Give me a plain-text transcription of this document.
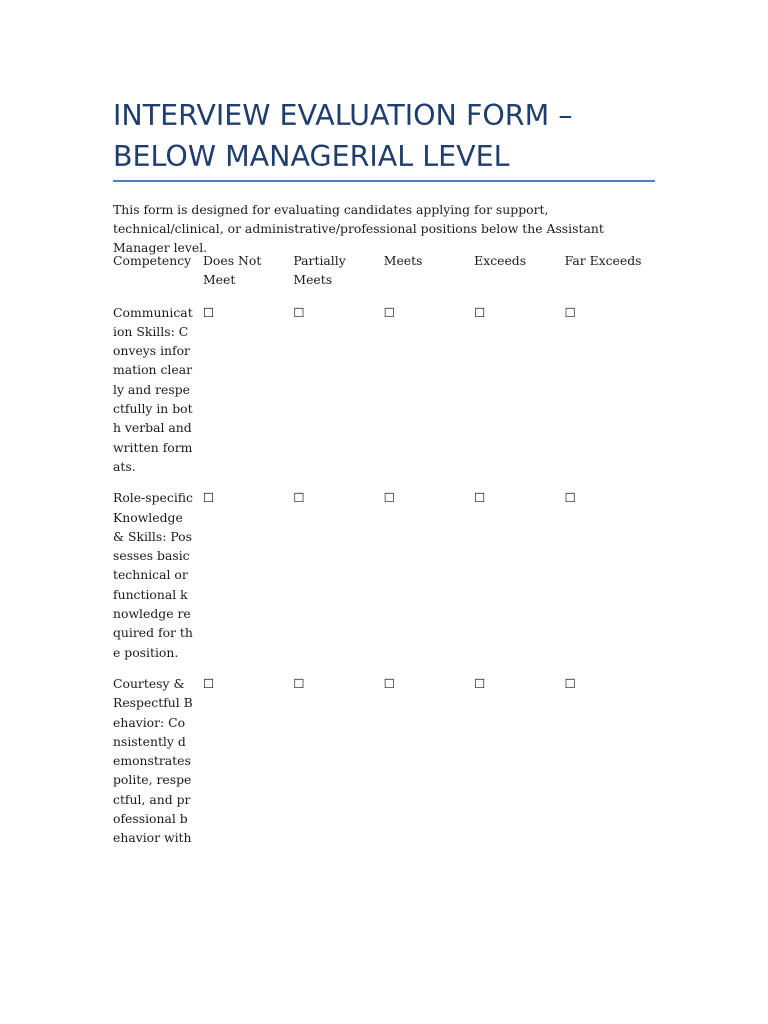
INTERVIEW EVALUATION FORM – BELOW MANAGERIAL LEVEL

This form is designed for evaluating candidates applying for support, technical/clinical, or administrative/professional positions below the Assistant Manager level.

Competency	Does Not Meet	Partially Meets	Meets	Exceeds	Far Exceeds

Communication Skills: Conveys information clearly and respectfully in both verbal and written formats.	☐	☐	☐	☐	☐

Role-specific Knowledge & Skills: Possesses basic technical or functional knowledge required for the position.	☐	☐	☐	☐	☐

Courtesy & Respectful Behavior: Consistently demonstrates polite, respectful, and professional behavior with	☐	☐	☐	☐	☐
